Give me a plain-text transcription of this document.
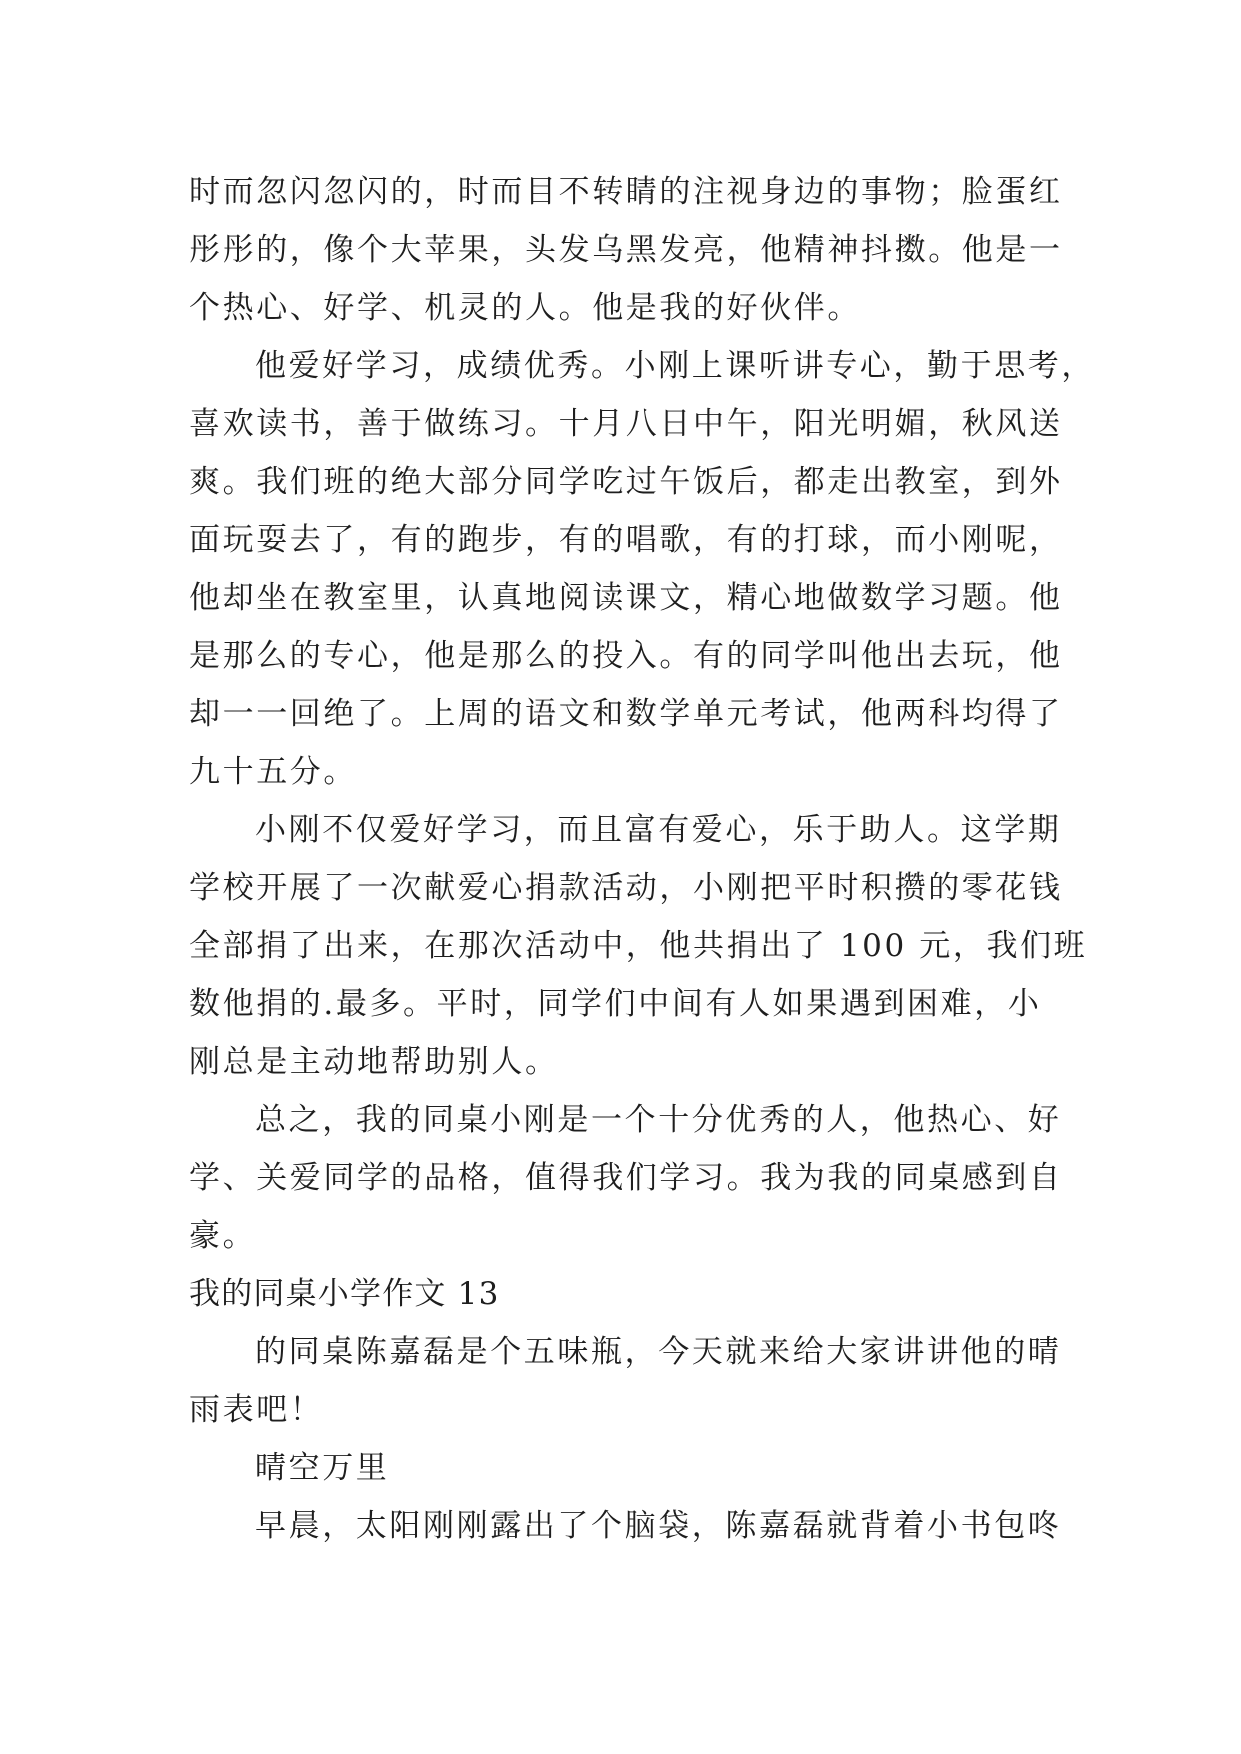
时而忽闪忽闪的，时而目不转睛的注视身边的事物；脸蛋红
彤彤的，像个大苹果，头发乌黑发亮，他精神抖擞。他是一
个热心、好学、机灵的人。他是我的好伙伴。
他爱好学习，成绩优秀。小刚上课听讲专心，勤于思考，
喜欢读书，善于做练习。十月八日中午，阳光明媚，秋风送
爽。我们班的绝大部分同学吃过午饭后，都走出教室，到外
面玩耍去了，有的跑步，有的唱歌，有的打球，而小刚呢，
他却坐在教室里，认真地阅读课文，精心地做数学习题。他
是那么的专心，他是那么的投入。有的同学叫他出去玩，他
却一一回绝了。上周的语文和数学单元考试，他两科均得了
九十五分。
小刚不仅爱好学习，而且富有爱心，乐于助人。这学期
学校开展了一次献爱心捐款活动，小刚把平时积攒的零花钱
全部捐了出来，在那次活动中，他共捐出了 100 元，我们班
数他捐的.最多。平时，同学们中间有人如果遇到困难，小
刚总是主动地帮助别人。
总之，我的同桌小刚是一个十分优秀的人，他热心、好
学、关爱同学的品格，值得我们学习。我为我的同桌感到自
豪。
我的同桌小学作文 13
的同桌陈嘉磊是个五味瓶，今天就来给大家讲讲他的晴
雨表吧！
晴空万里
早晨，太阳刚刚露出了个脑袋，陈嘉磊就背着小书包咚
